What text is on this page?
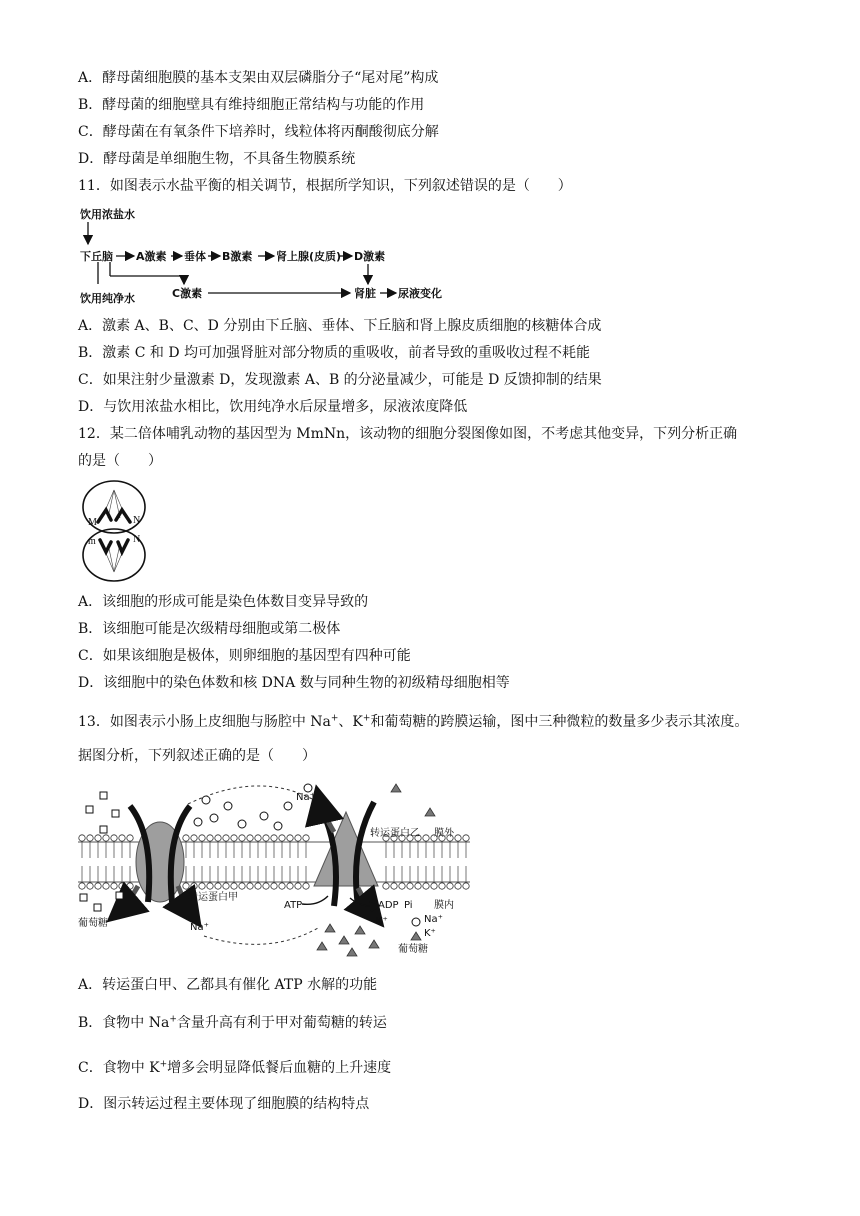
A．酵母菌细胞膜的基本支架由双层磷脂分子“尾对尾”构成
B．酵母菌的细胞壁具有维持细胞正常结构与功能的作用
C．酵母菌在有氧条件下培养时，线粒体将丙酮酸彻底分解
D．酵母菌是单细胞生物，不具备生物膜系统
11．如图表示水盐平衡的相关调节，根据所学知识，下列叙述错误的是（　　）
饮用浓盐水
下丘脑 A激素 垂体 B激素 肾上腺(皮质) D激素
饮用纯净水	C激素	肾脏 尿液变化
A．激素 A、B、C、D 分别由下丘脑、垂体、下丘脑和肾上腺皮质细胞的核糖体合成
B．激素 C 和 D 均可加强肾脏对部分物质的重吸收，前者导致的重吸收过程不耗能
C．如果注射少量激素 D，发现激素 A、B 的分泌量减少，可能是 D 反馈抑制的结果
D．与饮用浓盐水相比，饮用纯净水后尿量增多，尿液浓度降低
12．某二倍体哺乳动物的基因型为 MmNn，该动物的细胞分裂图像如图，不考虑其他变异，下列分析正确
的是（　　）
M	N
m	N
A．该细胞的形成可能是染色体数目变异导致的
B．该细胞可能是次级精母细胞或第二极体
C．如果该细胞是极体，则卵细胞的基因型有四种可能
D．该细胞中的染色体数和核 DNA 数与同种生物的初级精母细胞相等
13．如图表示小肠上皮细胞与肠腔中 Na+、K+和葡萄糖的跨膜运输，图中三种微粒的数量多少表示其浓度。
据图分析，下列叙述正确的是（　　）
Na⁺
转运蛋白乙 膜外
转运蛋白甲
ATP	ADP Pi 膜内
葡萄糖	Na⁺
K⁺	Na⁺
K⁺
葡萄糖
A．转运蛋白甲、乙都具有催化 ATP 水解的功能
B．食物中 Na+含量升高有利于甲对葡萄糖的转运
C．食物中 K+增多会明显降低餐后血糖的上升速度
D．图示转运过程主要体现了细胞膜的结构特点
